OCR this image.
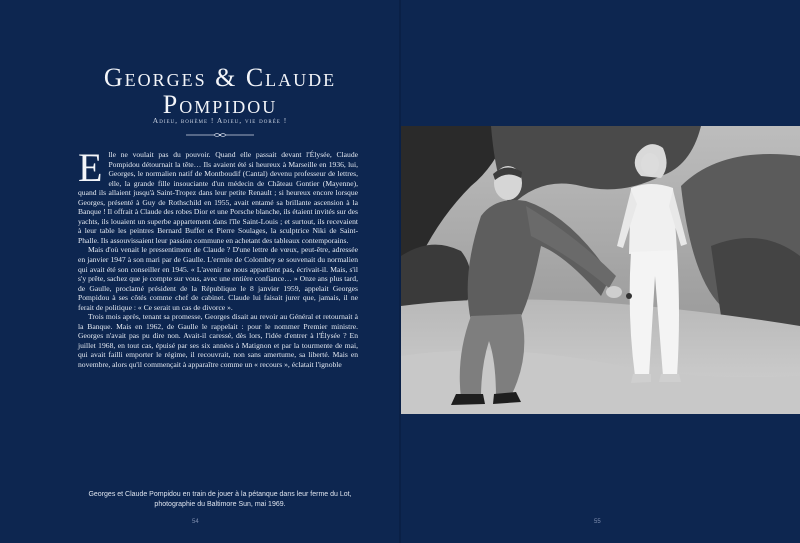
Georges & Claude
Pompidou
Adieu, bohème ! Adieu, vie dorée !

Elle ne voulait pas du pouvoir. Quand elle passait devant l'Élysée, Claude Pompidou détournait la tête… Ils avaient été si heureux à Marseille en 1936, lui, Georges, le normalien natif de Montboudif (Cantal) devenu professeur de lettres, elle, la grande fille insouciante d'un médecin de Château Gontier (Mayenne), quand ils allaient jusqu'à Saint-Tropez dans leur petite Renault ; si heureux encore lorsque Georges, présenté à Guy de Rothschild en 1955, avait entamé sa brillante ascension à la Banque ! Il offrait à Claude des robes Dior et une Porsche blanche, ils étaient invités sur des yachts, ils louaient un superbe appartement dans l'île Saint-Louis ; et surtout, ils recevaient à leur table les peintres Bernard Buffet et Pierre Soulages, la sculptrice Niki de Saint-Phalle. Ils assouvissaient leur passion commune en achetant des tableaux contemporains.

Mais d'où venait le pressentiment de Claude ? D'une lettre de vœux, peut-être, adressée en janvier 1947 à son mari par de Gaulle. L'ermite de Colombey se souvenait du normalien qui avait été son conseiller en 1945. « L'avenir ne nous appartient pas, écrivait-il. Mais, s'il s'y prête, sachez que je compte sur vous, avec une entière confiance… » Onze ans plus tard, de Gaulle, proclamé président de la République le 8 janvier 1959, appelait Georges Pompidou à ses côtés comme chef de cabinet. Claude lui faisait jurer que, jamais, il ne ferait de politique : « Ce serait un cas de divorce ».

Trois mois après, tenant sa promesse, Georges disait au revoir au Général et retournait à la Banque. Mais en 1962, de Gaulle le rappelait : pour le nommer Premier ministre. Georges n'avait pas pu dire non. Avait-il caressé, dès lors, l'idée d'entrer à l'Élysée ? En juillet 1968, en tout cas, épuisé par ses six années à Matignon et par la tourmente de mai, qui avait failli emporter le régime, il recouvrait, non sans amertume, sa liberté. Mais en novembre, alors qu'il commençait à apparaître comme un « recours », éclatait l'ignoble

Georges et Claude Pompidou en train de jouer à la pétanque dans leur ferme du Lot,
photographie du Baltimore Sun, mai 1969.
54	55
